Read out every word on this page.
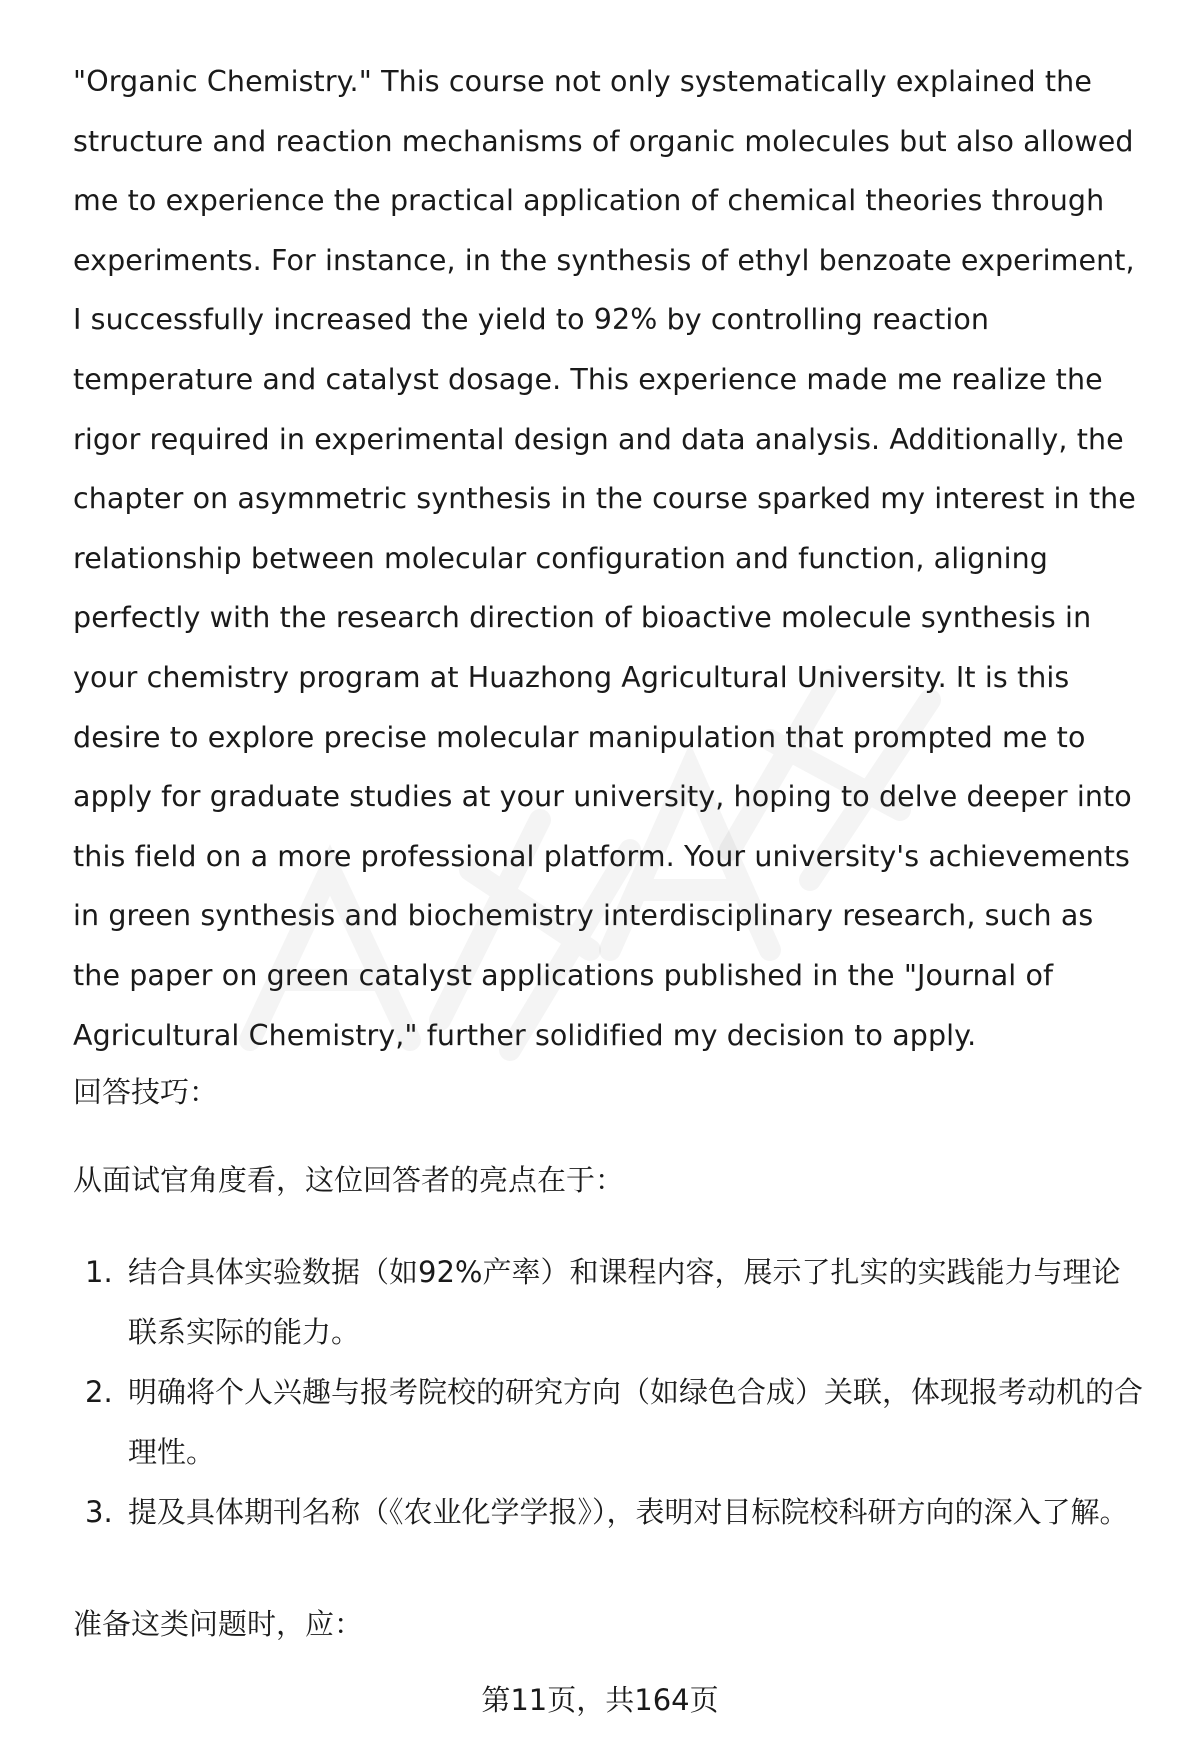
"Organic Chemistry." This course not only systematically explained the structure and reaction mechanisms of organic molecules but also allowed me to experience the practical application of chemical theories through experiments. For instance, in the synthesis of ethyl benzoate experiment, I successfully increased the yield to 92% by controlling reaction temperature and catalyst dosage. This experience made me realize the rigor required in experimental design and data analysis. Additionally, the chapter on asymmetric synthesis in the course sparked my interest in the relationship between molecular configuration and function, aligning perfectly with the research direction of bioactive molecule synthesis in your chemistry program at Huazhong Agricultural University. It is this desire to explore precise molecular manipulation that prompted me to apply for graduate studies at your university, hoping to delve deeper into this field on a more professional platform. Your university's achievements in green synthesis and biochemistry interdisciplinary research, such as the paper on green catalyst applications published in the "Journal of Agricultural Chemistry," further solidified my decision to apply.

回答技巧：

从面试官角度看，这位回答者的亮点在于：

1. 结合具体实验数据（如92%产率）和课程内容，展示了扎实的实践能力与理论联系实际的能力。
2. 明确将个人兴趣与报考院校的研究方向（如绿色合成）关联，体现报考动机的合理性。
3. 提及具体期刊名称（《农业化学学报》），表明对目标院校科研方向的深入了解。

准备这类问题时，应：

第11页，共164页
